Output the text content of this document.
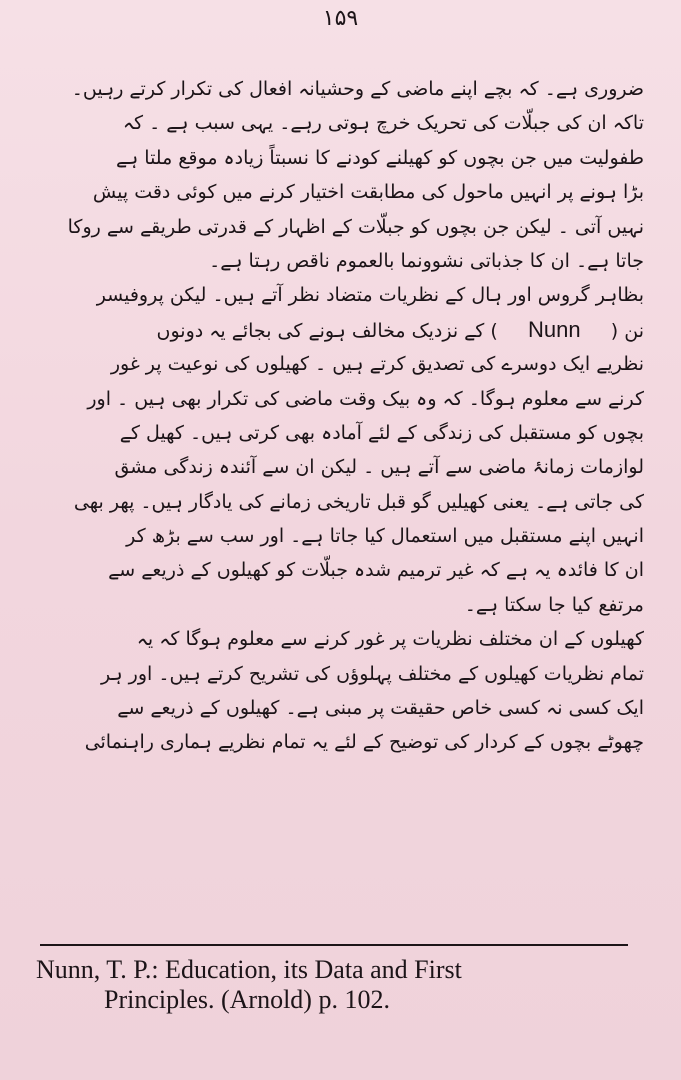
۱۵۹
ضروری ہے۔ کہ بچے اپنے ماضی کے وحشیانہ افعال کی تکرار کرتے رہیں۔
تاکہ ان کی جبلّات کی تحریک خرچ ہوتی رہے۔ یہی سبب ہے ۔ کہ
طفولیت میں جن بچوں کو کھیلنے کودنے کا نسبتاً زیادہ موقع ملتا ہے
بڑا ہونے پر انہیں ماحول کی مطابقت اختیار کرنے میں کوئی دقت پیش
نہیں آتی ۔ لیکن جن بچوں کو جبلّات کے اظہار کے قدرتی طریقے سے روکا
جاتا ہے۔ ان کا جذباتی نشوونما بالعموم ناقص رہتا ہے۔
بظاہر گروس اور ہال کے نظریات متضاد نظر آتے ہیں۔ لیکن پروفیسر
نن (     Nunn     ) کے نزدیک مخالف ہونے کی بجائے یہ دونوں
نظریے ایک دوسرے کی تصدیق کرتے ہیں ۔ کھیلوں کی نوعیت پر غور
کرنے سے معلوم ہوگا۔ کہ وہ بیک وقت ماضی کی تکرار بھی ہیں ۔ اور
بچوں کو مستقبل کی زندگی کے لئے آمادہ بھی کرتی ہیں۔ کھیل کے
لوازمات زمانۂ ماضی سے آتے ہیں ۔ لیکن ان سے آئندہ زندگی مشق
کی جاتی ہے۔ یعنی کھیلیں گو قبل تاریخی زمانے کی یادگار ہیں۔ پھر بھی
انہیں اپنے مستقبل میں استعمال کیا جاتا ہے۔ اور سب سے بڑھ کر
ان کا فائدہ یہ ہے کہ غیر ترمیم شدہ جبلّات کو کھیلوں کے ذریعے سے
مرتفع کیا جا سکتا ہے۔
کھیلوں کے ان مختلف نظریات پر غور کرنے سے معلوم ہوگا کہ یہ
تمام نظریات کھیلوں کے مختلف پہلوؤں کی تشریح کرتے ہیں۔ اور ہر
ایک کسی نہ کسی خاص حقیقت پر مبنی ہے۔ کھیلوں کے ذریعے سے
چھوٹے بچوں کے کردار کی توضیح کے لئے یہ تمام نظریے ہماری راہنمائی
Nunn, T. P.: Education, its Data and First
Principles. (Arnold) p. 102.
